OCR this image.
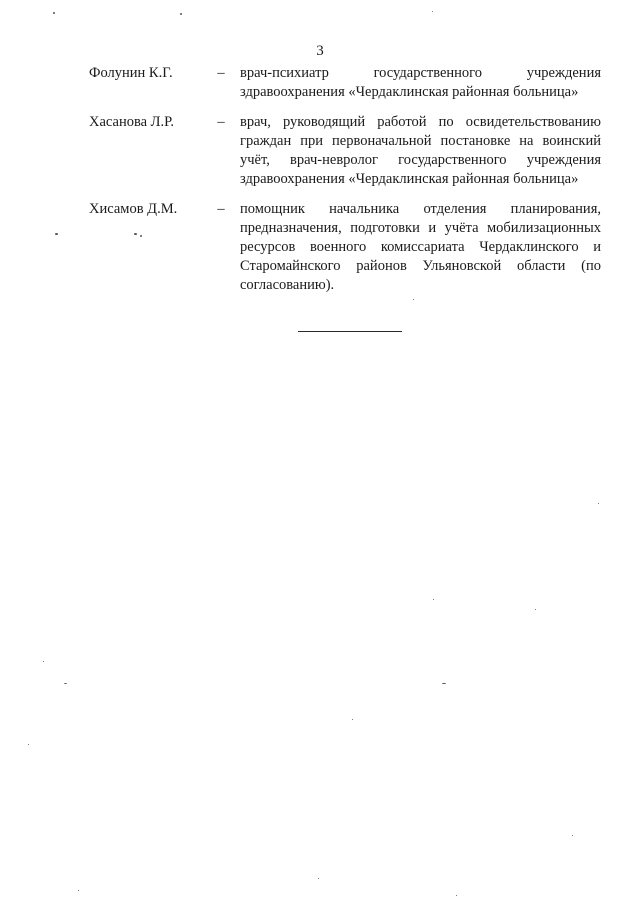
3
Фолунин К.Г.	– врач-психиатр государственного учреждения здравоохранения «Чердаклинская районная больница»
Хасанова Л.Р.	– врач, руководящий работой по освидетельствованию граждан при первоначальной постановке на воинский учёт, врач-невролог государственного учреждения здравоохранения «Чердаклинская районная больница»
Хисамов Д.М.	– помощник начальника отделения планирования, предназначения, подготовки и учёта мобилизационных ресурсов военного комиссариата Чердаклинского и Старомайнского районов Ульяновской области (по согласованию).
